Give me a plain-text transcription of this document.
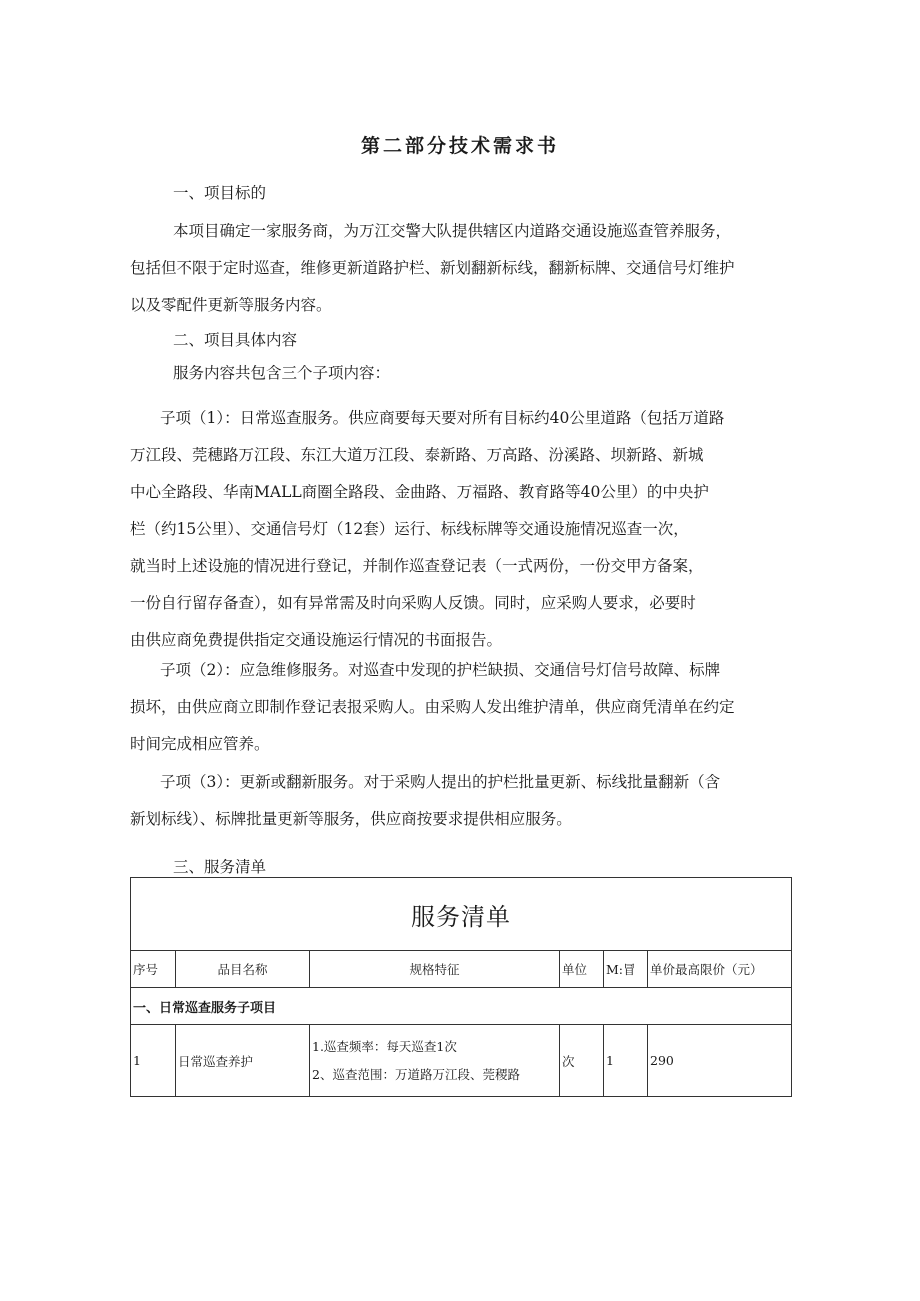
第二部分技术需求书
一、项目标的
本项目确定一家服务商，为万江交警大队提供辖区内道路交通设施巡查管养服务，
包括但不限于定时巡查，维修更新道路护栏、新划翻新标线，翻新标牌、交通信号灯维护
以及零配件更新等服务内容。
二、项目具体内容
服务内容共包含三个子项内容：
子项（1）：日常巡查服务。供应商要每天要对所有目标约40公里道路（包括万道路
万江段、莞穗路万江段、东江大道万江段、泰新路、万高路、汾溪路、坝新路、新城
中心全路段、华南MALL商圈全路段、金曲路、万福路、教育路等40公里）的中央护
栏（约15公里）、交通信号灯（12套）运行、标线标牌等交通设施情况巡查一次，
就当时上述设施的情况进行登记，并制作巡查登记表（一式两份，一份交甲方备案，
一份自行留存备查），如有异常需及时向采购人反馈。同时，应采购人要求，必要时
由供应商免费提供指定交通设施运行情况的书面报告。
子项（2）：应急维修服务。对巡查中发现的护栏缺损、交通信号灯信号故障、标牌
损坏，由供应商立即制作登记表报采购人。由采购人发出维护清单，供应商凭清单在约定
时间完成相应管养。
子项（3）：更新或翻新服务。对于采购人提出的护栏批量更新、标线批量翻新（含
新划标线）、标牌批量更新等服务，供应商按要求提供相应服务。
三、服务清单
服务清单					
序号	品目名称	规格特征	单位	M:冒	单价最高限价（元）
一、日常巡查服务子项目					
1	日常巡查养护	1.巡查频率：每天巡查1次
2、巡查范围：万道路万江段、莞稷路	次	1	290
